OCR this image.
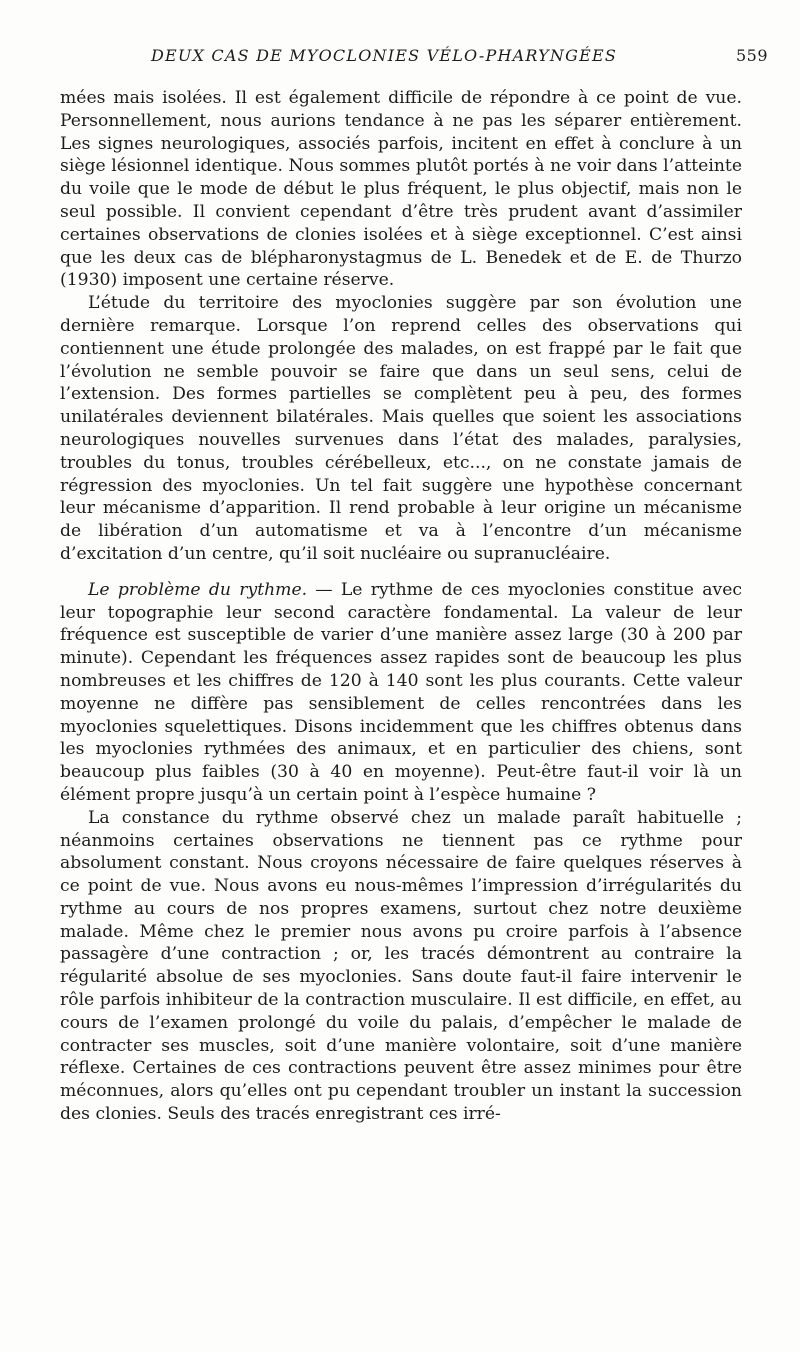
DEUX CAS DE MYOCLONIES VÉLO-PHARYNGÉES	559

mées mais isolées. Il est également difficile de répondre à ce point de vue. Personnellement, nous aurions tendance à ne pas les séparer entièrement. Les signes neurologiques, associés parfois, incitent en effet à conclure à un siège lésionnel identique. Nous sommes plutôt portés à ne voir dans l’atteinte du voile que le mode de début le plus fréquent, le plus objectif, mais non le seul possible. Il convient cependant d’être très prudent avant d’assimiler certaines observations de clonies isolées et à siège exceptionnel. C’est ainsi que les deux cas de blépharonystagmus de L. Benedek et de E. de Thurzo (1930) imposent une certaine réserve.

L’étude du territoire des myoclonies suggère par son évolution une dernière remarque. Lorsque l’on reprend celles des observations qui contiennent une étude prolongée des malades, on est frappé par le fait que l’évolution ne semble pouvoir se faire que dans un seul sens, celui de l’extension. Des formes partielles se complètent peu à peu, des formes unilatérales deviennent bilatérales. Mais quelles que soient les associations neurologiques nouvelles survenues dans l’état des malades, paralysies, troubles du tonus, troubles cérébelleux, etc..., on ne constate jamais de régression des myoclonies. Un tel fait suggère une hypothèse concernant leur mécanisme d’apparition. Il rend probable à leur origine un mécanisme de libération d’un automatisme et va à l’encontre d’un mécanisme d’excitation d’un centre, qu’il soit nucléaire ou supranucléaire.

Le problème du rythme. — Le rythme de ces myoclonies constitue avec leur topographie leur second caractère fondamental. La valeur de leur fréquence est susceptible de varier d’une manière assez large (30 à 200 par minute). Cependant les fréquences assez rapides sont de beaucoup les plus nombreuses et les chiffres de 120 à 140 sont les plus courants. Cette valeur moyenne ne diffère pas sensiblement de celles rencontrées dans les myoclonies squelettiques. Disons incidemment que les chiffres obtenus dans les myoclonies rythmées des animaux, et en particulier des chiens, sont beaucoup plus faibles (30 à 40 en moyenne). Peut-être faut-il voir là un élément propre jusqu’à un certain point à l’espèce humaine ?

La constance du rythme observé chez un malade paraît habituelle ; néanmoins certaines observations ne tiennent pas ce rythme pour absolument constant. Nous croyons nécessaire de faire quelques réserves à ce point de vue. Nous avons eu nous-mêmes l’impression d’irrégularités du rythme au cours de nos propres examens, surtout chez notre deuxième malade. Même chez le premier nous avons pu croire parfois à l’absence passagère d’une contraction ; or, les tracés démontrent au contraire la régularité absolue de ses myoclonies. Sans doute faut-il faire intervenir le rôle parfois inhibiteur de la contraction musculaire. Il est difficile, en effet, au cours de l’examen prolongé du voile du palais, d’empêcher le malade de contracter ses muscles, soit d’une manière volontaire, soit d’une manière réflexe. Certaines de ces contractions peuvent être assez minimes pour être méconnues, alors qu’elles ont pu cependant troubler un instant la succession des clonies. Seuls des tracés enregistrant ces irré-
